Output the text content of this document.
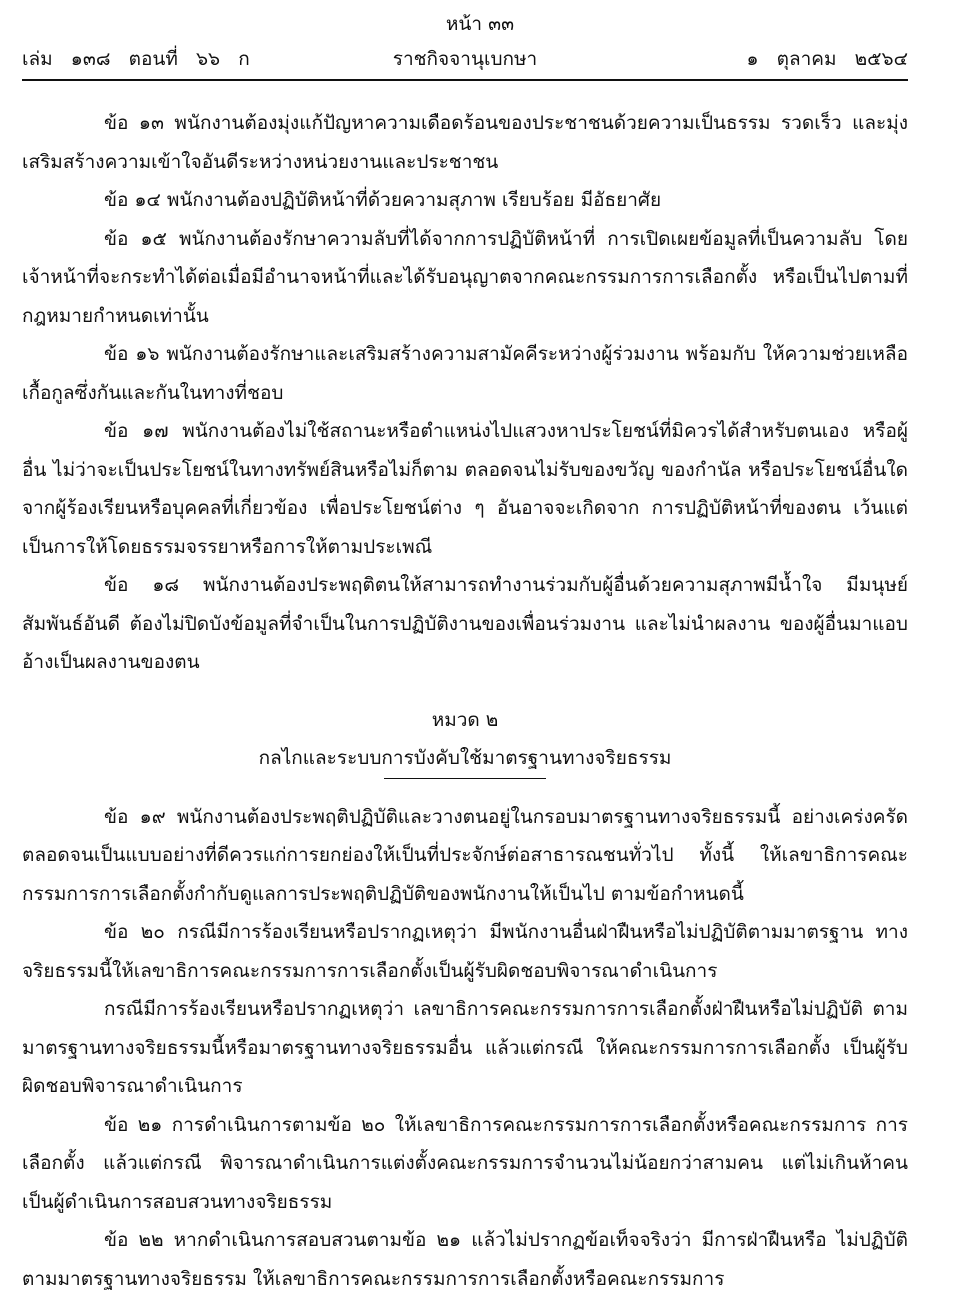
หน้า ๓๓
เล่ม   ๑๓๘   ตอนที่   ๖๖   ก	ราชกิจจานุเบกษา	๑   ตุลาคม   ๒๕๖๔

ข้อ ๑๓ พนักงานต้องมุ่งแก้ปัญหาความเดือดร้อนของประชาชนด้วยความเป็นธรรม รวดเร็ว และมุ่งเสริมสร้างความเข้าใจอันดีระหว่างหน่วยงานและประชาชน

ข้อ ๑๔ พนักงานต้องปฏิบัติหน้าที่ด้วยความสุภาพ เรียบร้อย มีอัธยาศัย

ข้อ ๑๕ พนักงานต้องรักษาความลับที่ได้จากการปฏิบัติหน้าที่ การเปิดเผยข้อมูลที่เป็นความลับ โดยเจ้าหน้าที่จะกระทำได้ต่อเมื่อมีอำนาจหน้าที่และได้รับอนุญาตจากคณะกรรมการการเลือกตั้ง หรือเป็นไปตามที่กฎหมายกำหนดเท่านั้น

ข้อ ๑๖ พนักงานต้องรักษาและเสริมสร้างความสามัคคีระหว่างผู้ร่วมงาน พร้อมกับ ให้ความช่วยเหลือเกื้อกูลซึ่งกันและกันในทางที่ชอบ

ข้อ ๑๗ พนักงานต้องไม่ใช้สถานะหรือตำแหน่งไปแสวงหาประโยชน์ที่มิควรได้สำหรับตนเอง หรือผู้อื่น ไม่ว่าจะเป็นประโยชน์ในทางทรัพย์สินหรือไม่ก็ตาม ตลอดจนไม่รับของขวัญ ของกำนัล หรือประโยชน์อื่นใดจากผู้ร้องเรียนหรือบุคคลที่เกี่ยวข้อง เพื่อประโยชน์ต่าง ๆ อันอาจจะเกิดจาก การปฏิบัติหน้าที่ของตน เว้นแต่เป็นการให้โดยธรรมจรรยาหรือการให้ตามประเพณี

ข้อ ๑๘ พนักงานต้องประพฤติตนให้สามารถทำงานร่วมกับผู้อื่นด้วยความสุภาพมีน้ำใจ มีมนุษย์สัมพันธ์อันดี ต้องไม่ปิดบังข้อมูลที่จำเป็นในการปฏิบัติงานของเพื่อนร่วมงาน และไม่นำผลงาน ของผู้อื่นมาแอบอ้างเป็นผลงานของตน

หมวด ๒

กลไกและระบบการบังคับใช้มาตรฐานทางจริยธรรม

ข้อ ๑๙ พนักงานต้องประพฤติปฏิบัติและวางตนอยู่ในกรอบมาตรฐานทางจริยธรรมนี้ อย่างเคร่งครัด ตลอดจนเป็นแบบอย่างที่ดีควรแก่การยกย่องให้เป็นที่ประจักษ์ต่อสาธารณชนทั่วไป ทั้งนี้ ให้เลขาธิการคณะกรรมการการเลือกตั้งกำกับดูแลการประพฤติปฏิบัติของพนักงานให้เป็นไป ตามข้อกำหนดนี้

ข้อ ๒๐ กรณีมีการร้องเรียนหรือปรากฏเหตุว่า มีพนักงานอื่นฝ่าฝืนหรือไม่ปฏิบัติตามมาตรฐาน ทางจริยธรรมนี้ให้เลขาธิการคณะกรรมการการเลือกตั้งเป็นผู้รับผิดชอบพิจารณาดำเนินการ

กรณีมีการร้องเรียนหรือปรากฏเหตุว่า เลขาธิการคณะกรรมการการเลือกตั้งฝ่าฝืนหรือไม่ปฏิบัติ ตามมาตรฐานทางจริยธรรมนี้หรือมาตรฐานทางจริยธรรมอื่น แล้วแต่กรณี ให้คณะกรรมการการเลือกตั้ง เป็นผู้รับผิดชอบพิจารณาดำเนินการ

ข้อ ๒๑ การดำเนินการตามข้อ ๒๐ ให้เลขาธิการคณะกรรมการการเลือกตั้งหรือคณะกรรมการ การเลือกตั้ง แล้วแต่กรณี พิจารณาดำเนินการแต่งตั้งคณะกรรมการจำนวนไม่น้อยกว่าสามคน แต่ไม่เกินห้าคน เป็นผู้ดำเนินการสอบสวนทางจริยธรรม

ข้อ ๒๒ หากดำเนินการสอบสวนตามข้อ ๒๑ แล้วไม่ปรากฏข้อเท็จจริงว่า มีการฝ่าฝืนหรือ ไม่ปฏิบัติตามมาตรฐานทางจริยธรรม ให้เลขาธิการคณะกรรมการการเลือกตั้งหรือคณะกรรมการ
